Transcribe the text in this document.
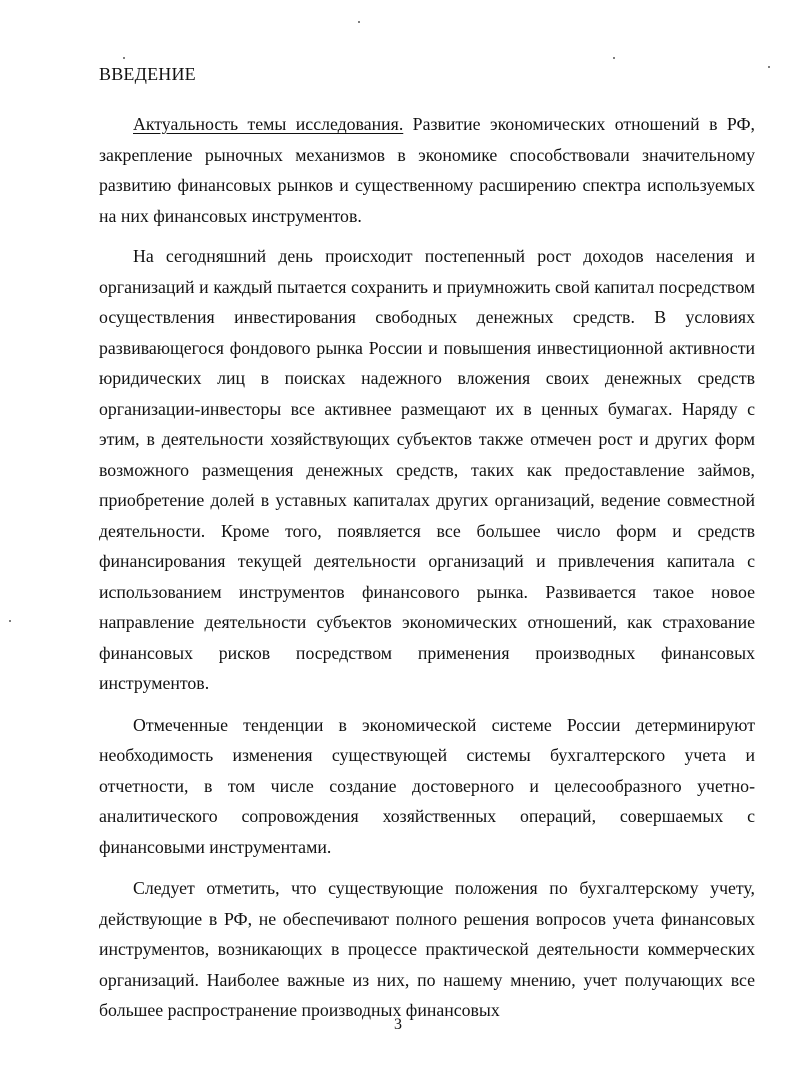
ВВЕДЕНИЕ

Актуальность темы исследования. Развитие экономических отношений в РФ, закрепление рыночных механизмов в экономике способствовали значительному развитию финансовых рынков и существенному расширению спектра используемых на них финансовых инструментов.

На сегодняшний день происходит постепенный рост доходов населения и организаций и каждый пытается сохранить и приумножить свой капитал посредством осуществления инвестирования свободных денежных средств. В условиях развивающегося фондового рынка России и повышения инвестиционной активности юридических лиц в поисках надежного вложения своих денежных средств организации-инвесторы все активнее размещают их в ценных бумагах. Наряду с этим, в деятельности хозяйствующих субъектов также отмечен рост и других форм возможного размещения денежных средств, таких как предоставление займов, приобретение долей в уставных капиталах других организаций, ведение совместной деятельности. Кроме того, появляется все большее число форм и средств финансирования текущей деятельности организаций и привлечения капитала с использованием инструментов финансового рынка. Развивается такое новое направление деятельности субъектов экономических отношений, как страхование финансовых рисков посредством применения производных финансовых инструментов.

Отмеченные тенденции в экономической системе России детерминируют необходимость изменения существующей системы бухгалтерского учета и отчетности, в том числе создание достоверного и целесообразного учетно-аналитического сопровождения хозяйственных операций, совершаемых с финансовыми инструментами.

Следует отметить, что существующие положения по бухгалтерскому учету, действующие в РФ, не обеспечивают полного решения вопросов учета финансовых инструментов, возникающих в процессе практической деятельности коммерческих организаций. Наиболее важные из них, по нашему мнению, учет получающих все большее распространение производных финансовых

3
